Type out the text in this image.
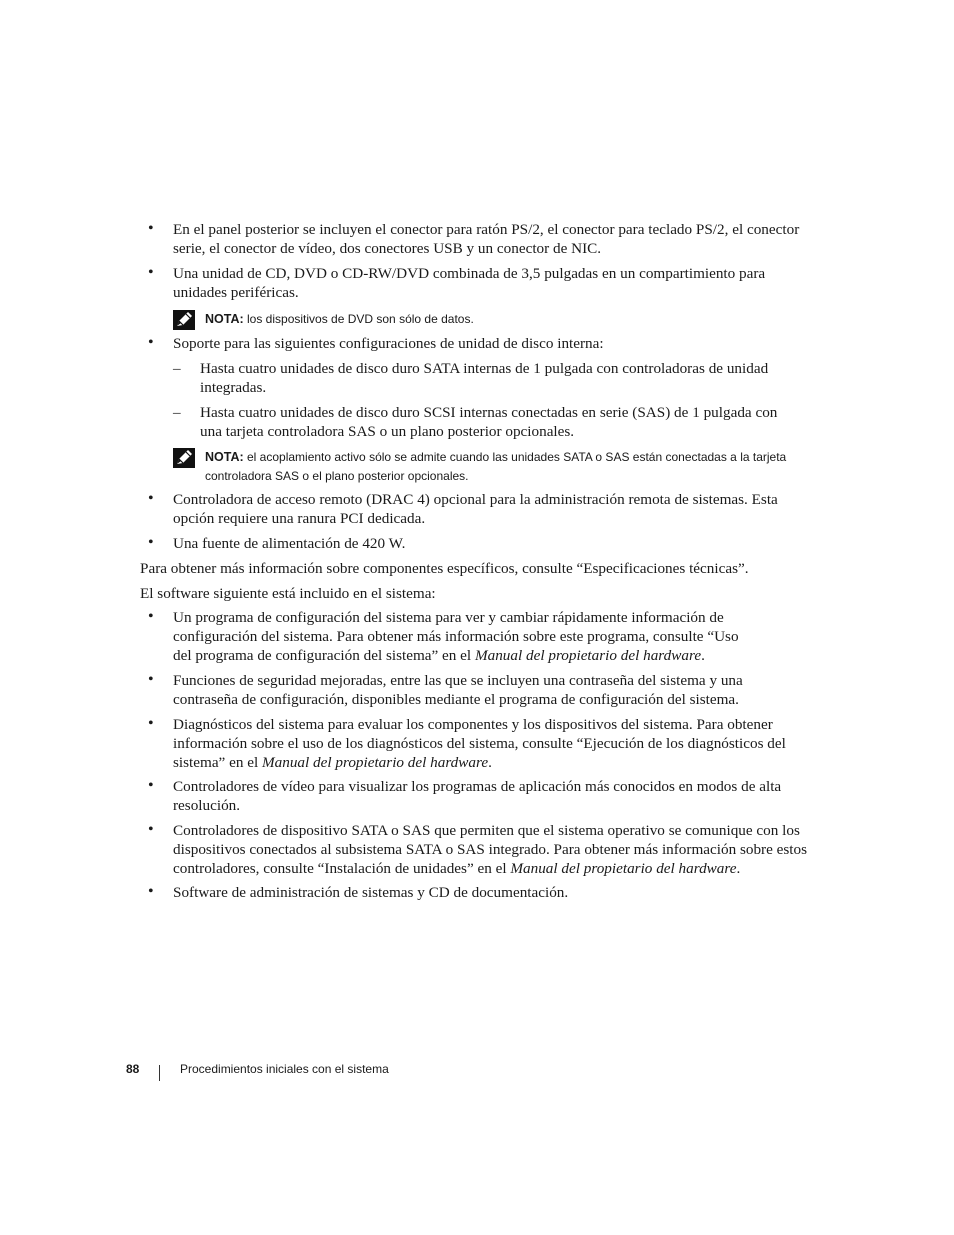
•	En el panel posterior se incluyen el conector para ratón PS/2, el conector para teclado PS/2, el conector serie, el conector de vídeo, dos conectores USB y un conector de NIC.
•	Una unidad de CD, DVD o CD-RW/DVD combinada de 3,5 pulgadas en un compartimiento para unidades periféricas.
NOTA: los dispositivos de DVD son sólo de datos.
•	Soporte para las siguientes configuraciones de unidad de disco interna:
– Hasta cuatro unidades de disco duro SATA internas de 1 pulgada con controladoras de unidad integradas.
– Hasta cuatro unidades de disco duro SCSI internas conectadas en serie (SAS) de 1 pulgada con una tarjeta controladora SAS o un plano posterior opcionales.
NOTA: el acoplamiento activo sólo se admite cuando las unidades SATA o SAS están conectadas a la tarjeta controladora SAS o el plano posterior opcionales.
•	Controladora de acceso remoto (DRAC 4) opcional para la administración remota de sistemas. Esta opción requiere una ranura PCI dedicada.
•	Una fuente de alimentación de 420 W.
Para obtener más información sobre componentes específicos, consulte “Especificaciones técnicas”.
El software siguiente está incluido en el sistema:
•	Un programa de configuración del sistema para ver y cambiar rápidamente información de configuración del sistema. Para obtener más información sobre este programa, consulte “Uso del programa de configuración del sistema” en el Manual del propietario del hardware.
•	Funciones de seguridad mejoradas, entre las que se incluyen una contraseña del sistema y una contraseña de configuración, disponibles mediante el programa de configuración del sistema.
•	Diagnósticos del sistema para evaluar los componentes y los dispositivos del sistema. Para obtener información sobre el uso de los diagnósticos del sistema, consulte “Ejecución de los diagnósticos del sistema” en el Manual del propietario del hardware.
•	Controladores de vídeo para visualizar los programas de aplicación más conocidos en modos de alta resolución.
•	Controladores de dispositivo SATA o SAS que permiten que el sistema operativo se comunique con los dispositivos conectados al subsistema SATA o SAS integrado. Para obtener más información sobre estos controladores, consulte “Instalación de unidades” en el Manual del propietario del hardware.
•	Software de administración de sistemas y CD de documentación.
88	Procedimientos iniciales con el sistema
